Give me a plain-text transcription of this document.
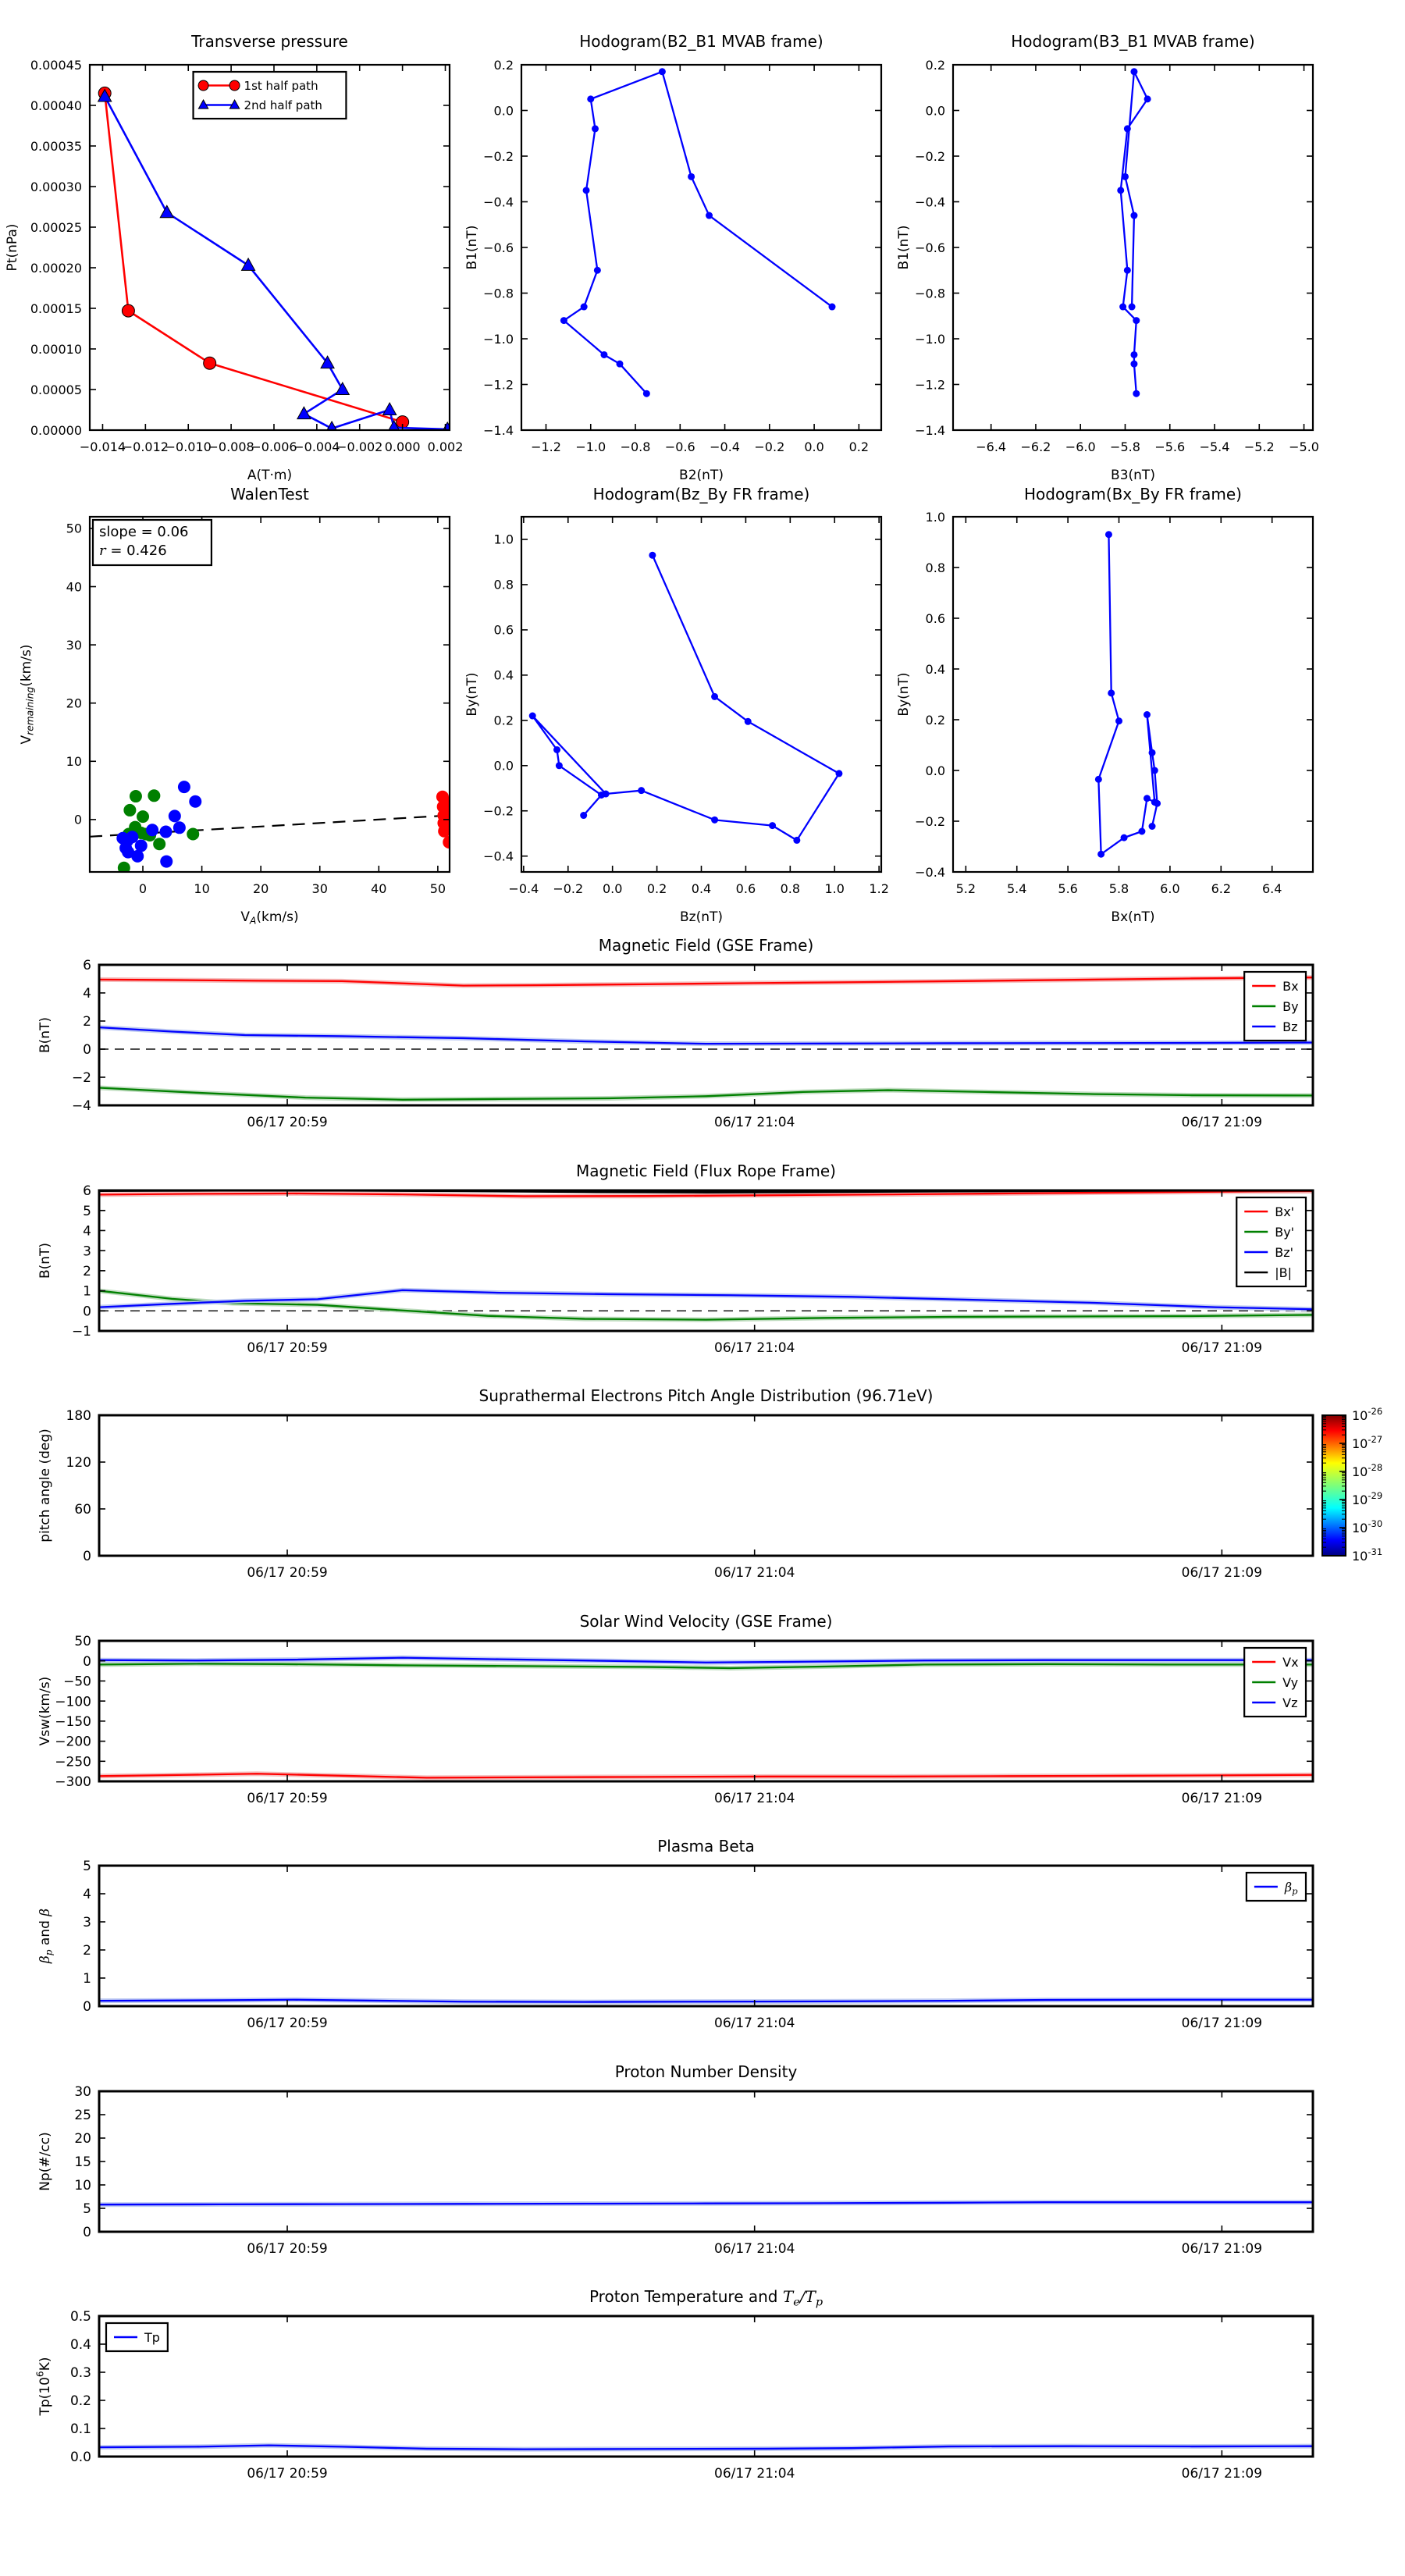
−0.014
−0.012
−0.010
−0.008
−0.006
−0.004
−0.002 0.000 0.002
0.00000
0.00005
0.00010
0.00015
0.00020
0.00025
0.00030
0.00035
0.00040
0.00045
Transverse pressure
A(T·m)
Pt(nPa)
1st half path
2nd half path
−1.2 −1.0 −0.8 −0.6 −0.4 −0.2 0.0 0.2
−1.4
−1.2
−1.0
−0.8
−0.6
−0.4
−0.2
0.0
0.2
Hodogram(B2_B1 MVAB frame)
B2(nT)
B1(nT)
−6.4 −6.2 −6.0 −5.8 −5.6 −5.4 −5.2 −5.0
−1.4
−1.2
−1.0
−0.8
−0.6
−0.4
−0.2
0.0
0.2
Hodogram(B3_B1 MVAB frame)
B3(nT)
B1(nT)
0	10	20	30	40	50
0
10
20
30
40
50
WalenTest
$V_A(km/s)$
$V_{remaining}(km/s)$
slope = 0.06
r = 0.426
−0.4 −0.2 0.0 0.2 0.4 0.6 0.8 1.0 1.2
−0.4
−0.2
0.0
0.2
0.4
0.6
0.8
1.0
Hodogram(Bz_By FR frame)
Bz(nT)
By(nT)
5.2 5.4 5.6 5.8 6.0 6.2 6.4
−0.4
−0.2
0.0
0.2
0.4
0.6
0.8
1.0
Hodogram(Bx_By FR frame)
Bx(nT)
By(nT)
06/17 20:59	06/17 21:04	06/17 21:09
−4
−2
0
2
4
6
Magnetic Field (GSE Frame)
B(nT)
Bx
By
Bz
06/17 20:59	06/17 21:04	06/17 21:09
−1
0
1
2
3
4
5
6
Magnetic Field (Flux Rope Frame)
B(nT)
Bx'
By'
Bz'
|B|
06/17 20:59	06/17 21:04	06/17 21:09
0
60
120
180
Suprathermal Electrons Pitch Angle Distribution (96.71eV)
pitch angle (deg)
$10^{-26}$
$10^{-27}$
$10^{-28}$
$10^{-29}$
$10^{-30}$
$10^{-31}$
06/17 20:59	06/17 21:04	06/17 21:09
50
0
−50
−100
−150
−200
−250
−300
Solar Wind Velocity (GSE Frame)
Vsw(km/s)
Vx
Vy
Vz
06/17 20:59	06/17 21:04	06/17 21:09
0
1
2
3
4
5
Plasma Beta
$\beta_p$ and β
$\beta_p$
06/17 20:59	06/17 21:04	06/17 21:09
0
5
10
15
20
25
30
Proton Number Density
Np(#/cc)
06/17 20:59	06/17 21:04	06/17 21:09
0.0
0.1
0.2
0.3
0.4
0.5
Proton Temperature and $T_e/T_p$
$Tp(10^6K)$
Tp
